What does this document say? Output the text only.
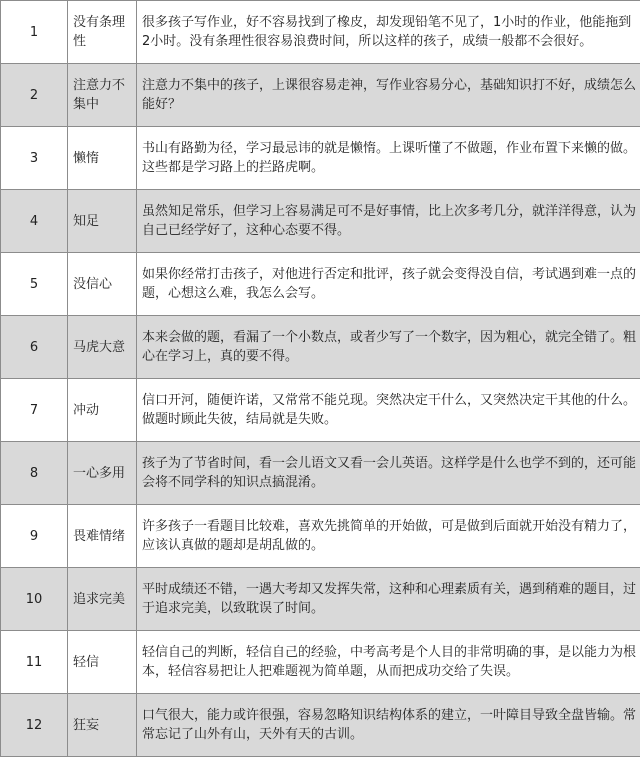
1	没有条理性	很多孩子写作业，好不容易找到了橡皮，却发现铅笔不见了，1小时的作业，他能拖到2小时。没有条理性很容易浪费时间，所以这样的孩子，成绩一般都不会很好。
2	注意力不集中	注意力不集中的孩子，上课很容易走神，写作业容易分心，基础知识打不好，成绩怎么能好？
3	懒惰	书山有路勤为径，学习最忌讳的就是懒惰。上课听懂了不做题，作业布置下来懒的做。这些都是学习路上的拦路虎啊。
4	知足	虽然知足常乐，但学习上容易满足可不是好事情，比上次多考几分，就洋洋得意，认为自己已经学好了，这种心态要不得。
5	没信心	如果你经常打击孩子，对他进行否定和批评，孩子就会变得没自信，考试遇到难一点的题，心想这么难，我怎么会写。
6	马虎大意	本来会做的题，看漏了一个小数点，或者少写了一个数字，因为粗心，就完全错了。粗心在学习上，真的要不得。
7	冲动	信口开河，随便许诺，又常常不能兑现。突然决定干什么，又突然决定干其他的什么。做题时顾此失彼，结局就是失败。
8	一心多用	孩子为了节省时间，看一会儿语文又看一会儿英语。这样学是什么也学不到的，还可能会将不同学科的知识点搞混淆。
9	畏难情绪	许多孩子一看题目比较难，喜欢先挑简单的开始做，可是做到后面就开始没有精力了，应该认真做的题却是胡乱做的。
10	追求完美	平时成绩还不错，一遇大考却又发挥失常，这种和心理素质有关，遇到稍难的题目，过于追求完美，以致耽误了时间。
11	轻信	轻信自己的判断，轻信自己的经验，中考高考是个人目的非常明确的事，是以能力为根本，轻信容易把让人把难题视为简单题，从而把成功交给了失误。
12	狂妄	口气很大，能力或许很强，容易忽略知识结构体系的建立，一叶障目导致全盘皆输。常常忘记了山外有山，天外有天的古训。
